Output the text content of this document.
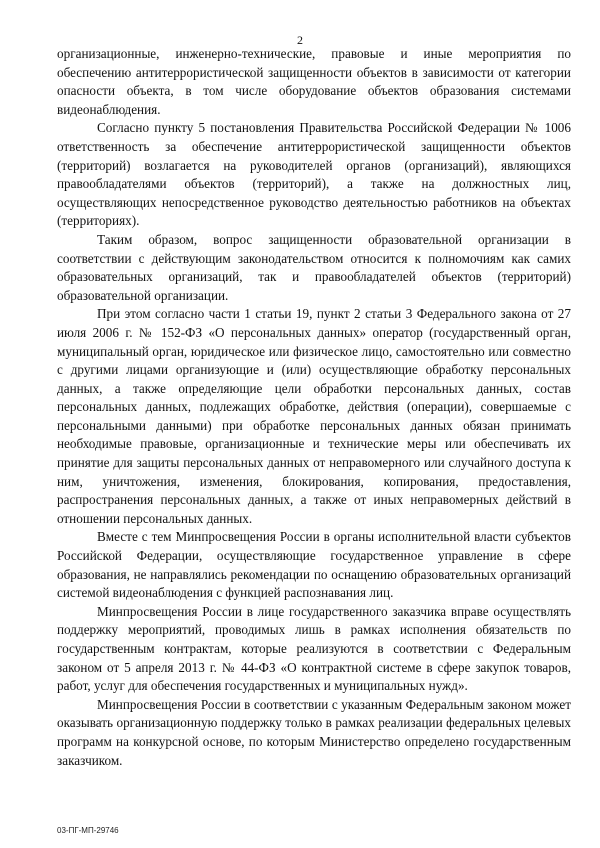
2

организационные, инженерно-технические, правовые и иные мероприятия по обеспечению антитеррористической защищенности объектов в зависимости от категории опасности объекта, в том числе оборудование объектов образования системами видеонаблюдения.

Согласно пункту 5 постановления Правительства Российской Федерации № 1006 ответственность за обеспечение антитеррористической защищенности объектов (территорий) возлагается на руководителей органов (организаций), являющихся правообладателями объектов (территорий), а также на должностных лиц, осуществляющих непосредственное руководство деятельностью работников на объектах (территориях).

Таким образом, вопрос защищенности образовательной организации в соответствии с действующим законодательством относится к полномочиям как самих образовательных организаций, так и правообладателей объектов (территорий) образовательной организации.

При этом согласно части 1 статьи 19, пункт 2 статьи 3 Федерального закона от 27 июля 2006 г. № 152-ФЗ «О персональных данных» оператор (государственный орган, муниципальный орган, юридическое или физическое лицо, самостоятельно или совместно с другими лицами организующие и (или) осуществляющие обработку персональных данных, а также определяющие цели обработки персональных данных, состав персональных данных, подлежащих обработке, действия (операции), совершаемые с персональными данными) при обработке персональных данных обязан принимать необходимые правовые, организационные и технические меры или обеспечивать их принятие для защиты персональных данных от неправомерного или случайного доступа к ним, уничтожения, изменения, блокирования, копирования, предоставления, распространения персональных данных, а также от иных неправомерных действий в отношении персональных данных.

Вместе с тем Минпросвещения России в органы исполнительной власти субъектов Российской Федерации, осуществляющие государственное управление в сфере образования, не направлялись рекомендации по оснащению образовательных организаций системой видеонаблюдения с функцией распознавания лиц.

Минпросвещения России в лице государственного заказчика вправе осуществлять поддержку мероприятий, проводимых лишь в рамках исполнения обязательств по государственным контрактам, которые реализуются в соответствии с Федеральным законом от 5 апреля 2013 г. № 44-ФЗ «О контрактной системе в сфере закупок товаров, работ, услуг для обеспечения государственных и муниципальных нужд».

Минпросвещения России в соответствии с указанным Федеральным законом может оказывать организационную поддержку только в рамках реализации федеральных целевых программ на конкурсной основе, по которым Министерство определено государственным заказчиком.

03-ПГ-МП-29746
